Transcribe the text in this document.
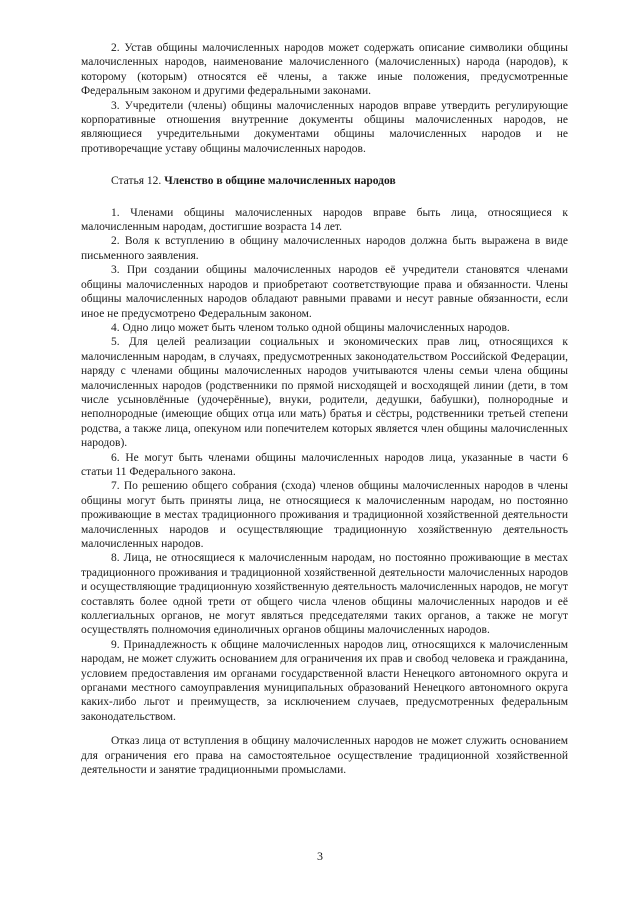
2. Устав общины малочисленных народов может содержать описание символики общины малочисленных народов, наименование малочисленного (малочисленных) народа (народов), к которому (которым) относятся её члены, а также иные положения, предусмотренные Федеральным законом и другими федеральными законами.

3. Учредители (члены) общины малочисленных народов вправе утвердить регулирующие корпоративные отношения внутренние документы общины малочисленных народов, не являющиеся учредительными документами общины малочисленных народов и не противоречащие уставу общины малочисленных народов.

Статья 12. Членство в общине малочисленных народов

1. Членами общины малочисленных народов вправе быть лица, относящиеся к малочисленным народам, достигшие возраста 14 лет.

2. Воля к вступлению в общину малочисленных народов должна быть выражена в виде письменного заявления.

3. При создании общины малочисленных народов её учредители становятся членами общины малочисленных народов и приобретают соответствующие права и обязанности. Члены общины малочисленных народов обладают равными правами и несут равные обязанности, если иное не предусмотрено Федеральным законом.

4. Одно лицо может быть членом только одной общины малочисленных народов.

5. Для целей реализации социальных и экономических прав лиц, относящихся к малочисленным народам, в случаях, предусмотренных законодательством Российской Федерации, наряду с членами общины малочисленных народов учитываются члены семьи члена общины малочисленных народов (родственники по прямой нисходящей и восходящей линии (дети, в том числе усыновлённые (удочерённые), внуки, родители, дедушки, бабушки), полнородные и неполнородные (имеющие общих отца или мать) братья и сёстры, родственники третьей степени родства, а также лица, опекуном или попечителем которых является член общины малочисленных народов).

6. Не могут быть членами общины малочисленных народов лица, указанные в части 6 статьи 11 Федерального закона.

7. По решению общего собрания (схода) членов общины малочисленных народов в члены общины могут быть приняты лица, не относящиеся к малочисленным народам, но постоянно проживающие в местах традиционного проживания и традиционной хозяйственной деятельности малочисленных народов и осуществляющие традиционную хозяйственную деятельность малочисленных народов.

8. Лица, не относящиеся к малочисленным народам, но постоянно проживающие в местах традиционного проживания и традиционной хозяйственной деятельности малочисленных народов и осуществляющие традиционную хозяйственную деятельность малочисленных народов, не могут составлять более одной трети от общего числа членов общины малочисленных народов и её коллегиальных органов, не могут являться председателями таких органов, а также не могут осуществлять полномочия единоличных органов общины малочисленных народов.

9. Принадлежность к общине малочисленных народов лиц, относящихся к малочисленным народам, не может служить основанием для ограничения их прав и свобод человека и гражданина, условием предоставления им органами государственной власти Ненецкого автономного округа и органами местного самоуправления муниципальных образований Ненецкого автономного округа каких-либо льгот и преимуществ, за исключением случаев, предусмотренных федеральным законодательством.

Отказ лица от вступления в общину малочисленных народов не может служить основанием для ограничения его права на самостоятельное осуществление традиционной хозяйственной деятельности и занятие традиционными промыслами.

3
